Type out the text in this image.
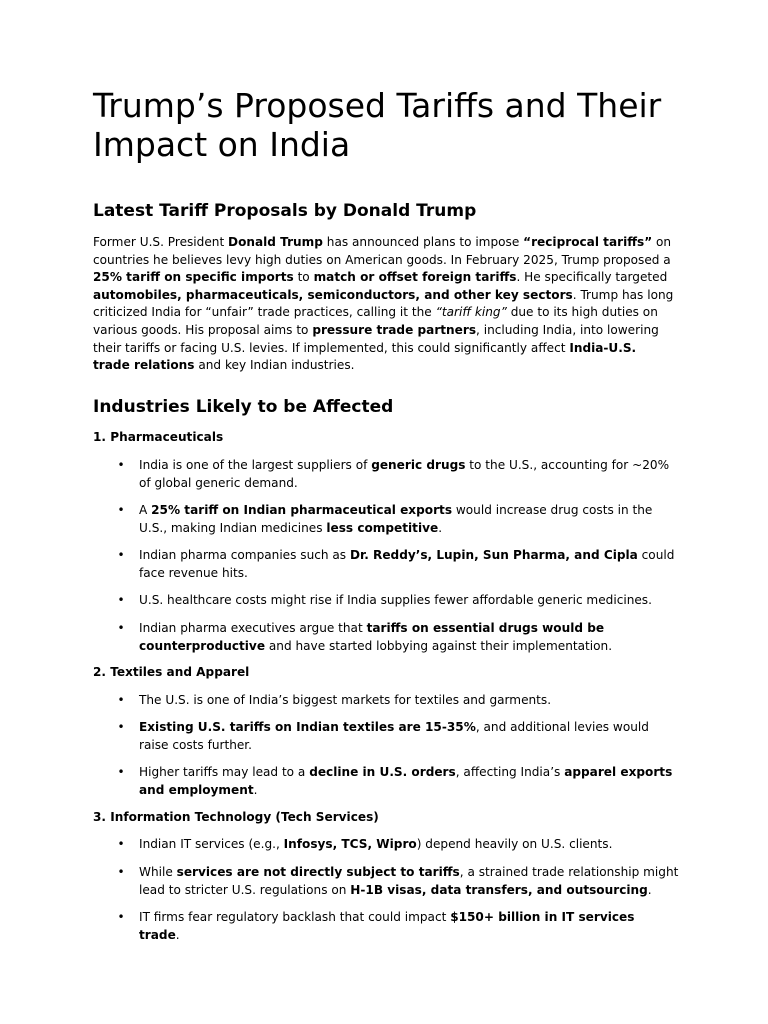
Trump’s Proposed Tariffs and Their Impact on India
Latest Tariff Proposals by Donald Trump

Former U.S. President Donald Trump has announced plans to impose “reciprocal tariffs” on countries he believes levy high duties on American goods. In February 2025, Trump proposed a 25% tariff on specific imports to match or offset foreign tariffs. He specifically targeted automobiles, pharmaceuticals, semiconductors, and other key sectors. Trump has long criticized India for “unfair” trade practices, calling it the “tariff king” due to its high duties on various goods. His proposal aims to pressure trade partners, including India, into lowering their tariffs or facing U.S. levies. If implemented, this could significantly affect India-U.S. trade relations and key Indian industries.

Industries Likely to be Affected
1. Pharmaceuticals

• India is one of the largest suppliers of generic drugs to the U.S., accounting for ~20% of global generic demand.

• A 25% tariff on Indian pharmaceutical exports would increase drug costs in the U.S., making Indian medicines less competitive.

• Indian pharma companies such as Dr. Reddy’s, Lupin, Sun Pharma, and Cipla could face revenue hits.

• U.S. healthcare costs might rise if India supplies fewer affordable generic medicines.

• Indian pharma executives argue that tariffs on essential drugs would be counterproductive and have started lobbying against their implementation.

2. Textiles and Apparel

• The U.S. is one of India’s biggest markets for textiles and garments.

• Existing U.S. tariffs on Indian textiles are 15-35%, and additional levies would raise costs further.

• Higher tariffs may lead to a decline in U.S. orders, affecting India’s apparel exports and employment.

3. Information Technology (Tech Services)

• Indian IT services (e.g., Infosys, TCS, Wipro) depend heavily on U.S. clients.

• While services are not directly subject to tariffs, a strained trade relationship might lead to stricter U.S. regulations on H-1B visas, data transfers, and outsourcing.

• IT firms fear regulatory backlash that could impact $150+ billion in IT services trade.
